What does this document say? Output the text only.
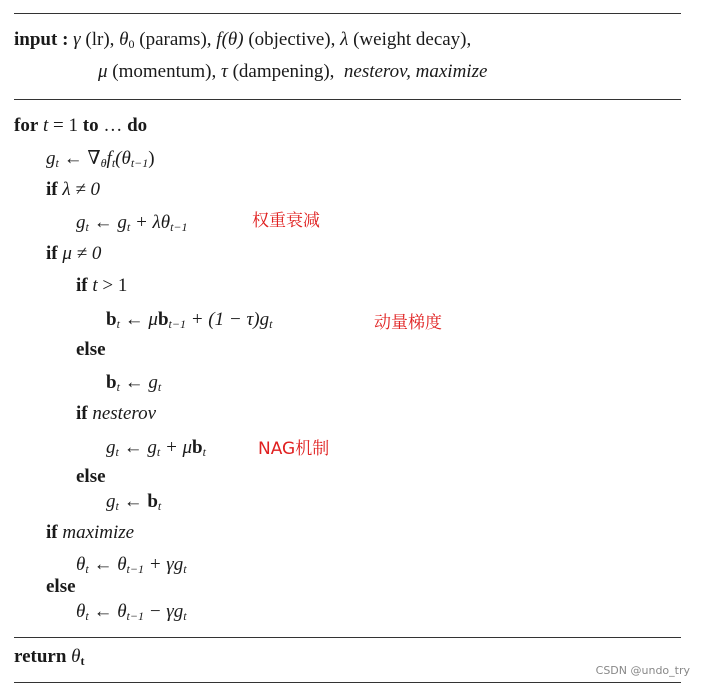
input : γ (lr), $\theta_0$ (params), f(θ) (objective), λ (weight decay),
μ (momentum), τ (dampening), nesterov, maximize
for t = 1 to … do
$g_t$ ← $\nabla_\theta f_t(\theta_{t-1})$
if λ ≠ 0
$g_t$ ← $g_t + \lambda\theta_{t-1}$	权重衰减
if μ ≠ 0
if t > 1
$b_t$ ← $\mu b_{t-1} + (1 - \tau)g_t$	动量梯度
else
$b_t$ ← $g_t$
if nesterov
$g_t$ ← $g_t + \mu b_t$	NAG机制
else
$g_t$ ← $b_t$
if maximize
$\theta_t$ ← $\theta_{t-1} + \gamma g_t$
else
$\theta_t$ ← $\theta_{t-1} - \gamma g_t$
return $\theta_t$
CSDN @undo_try
